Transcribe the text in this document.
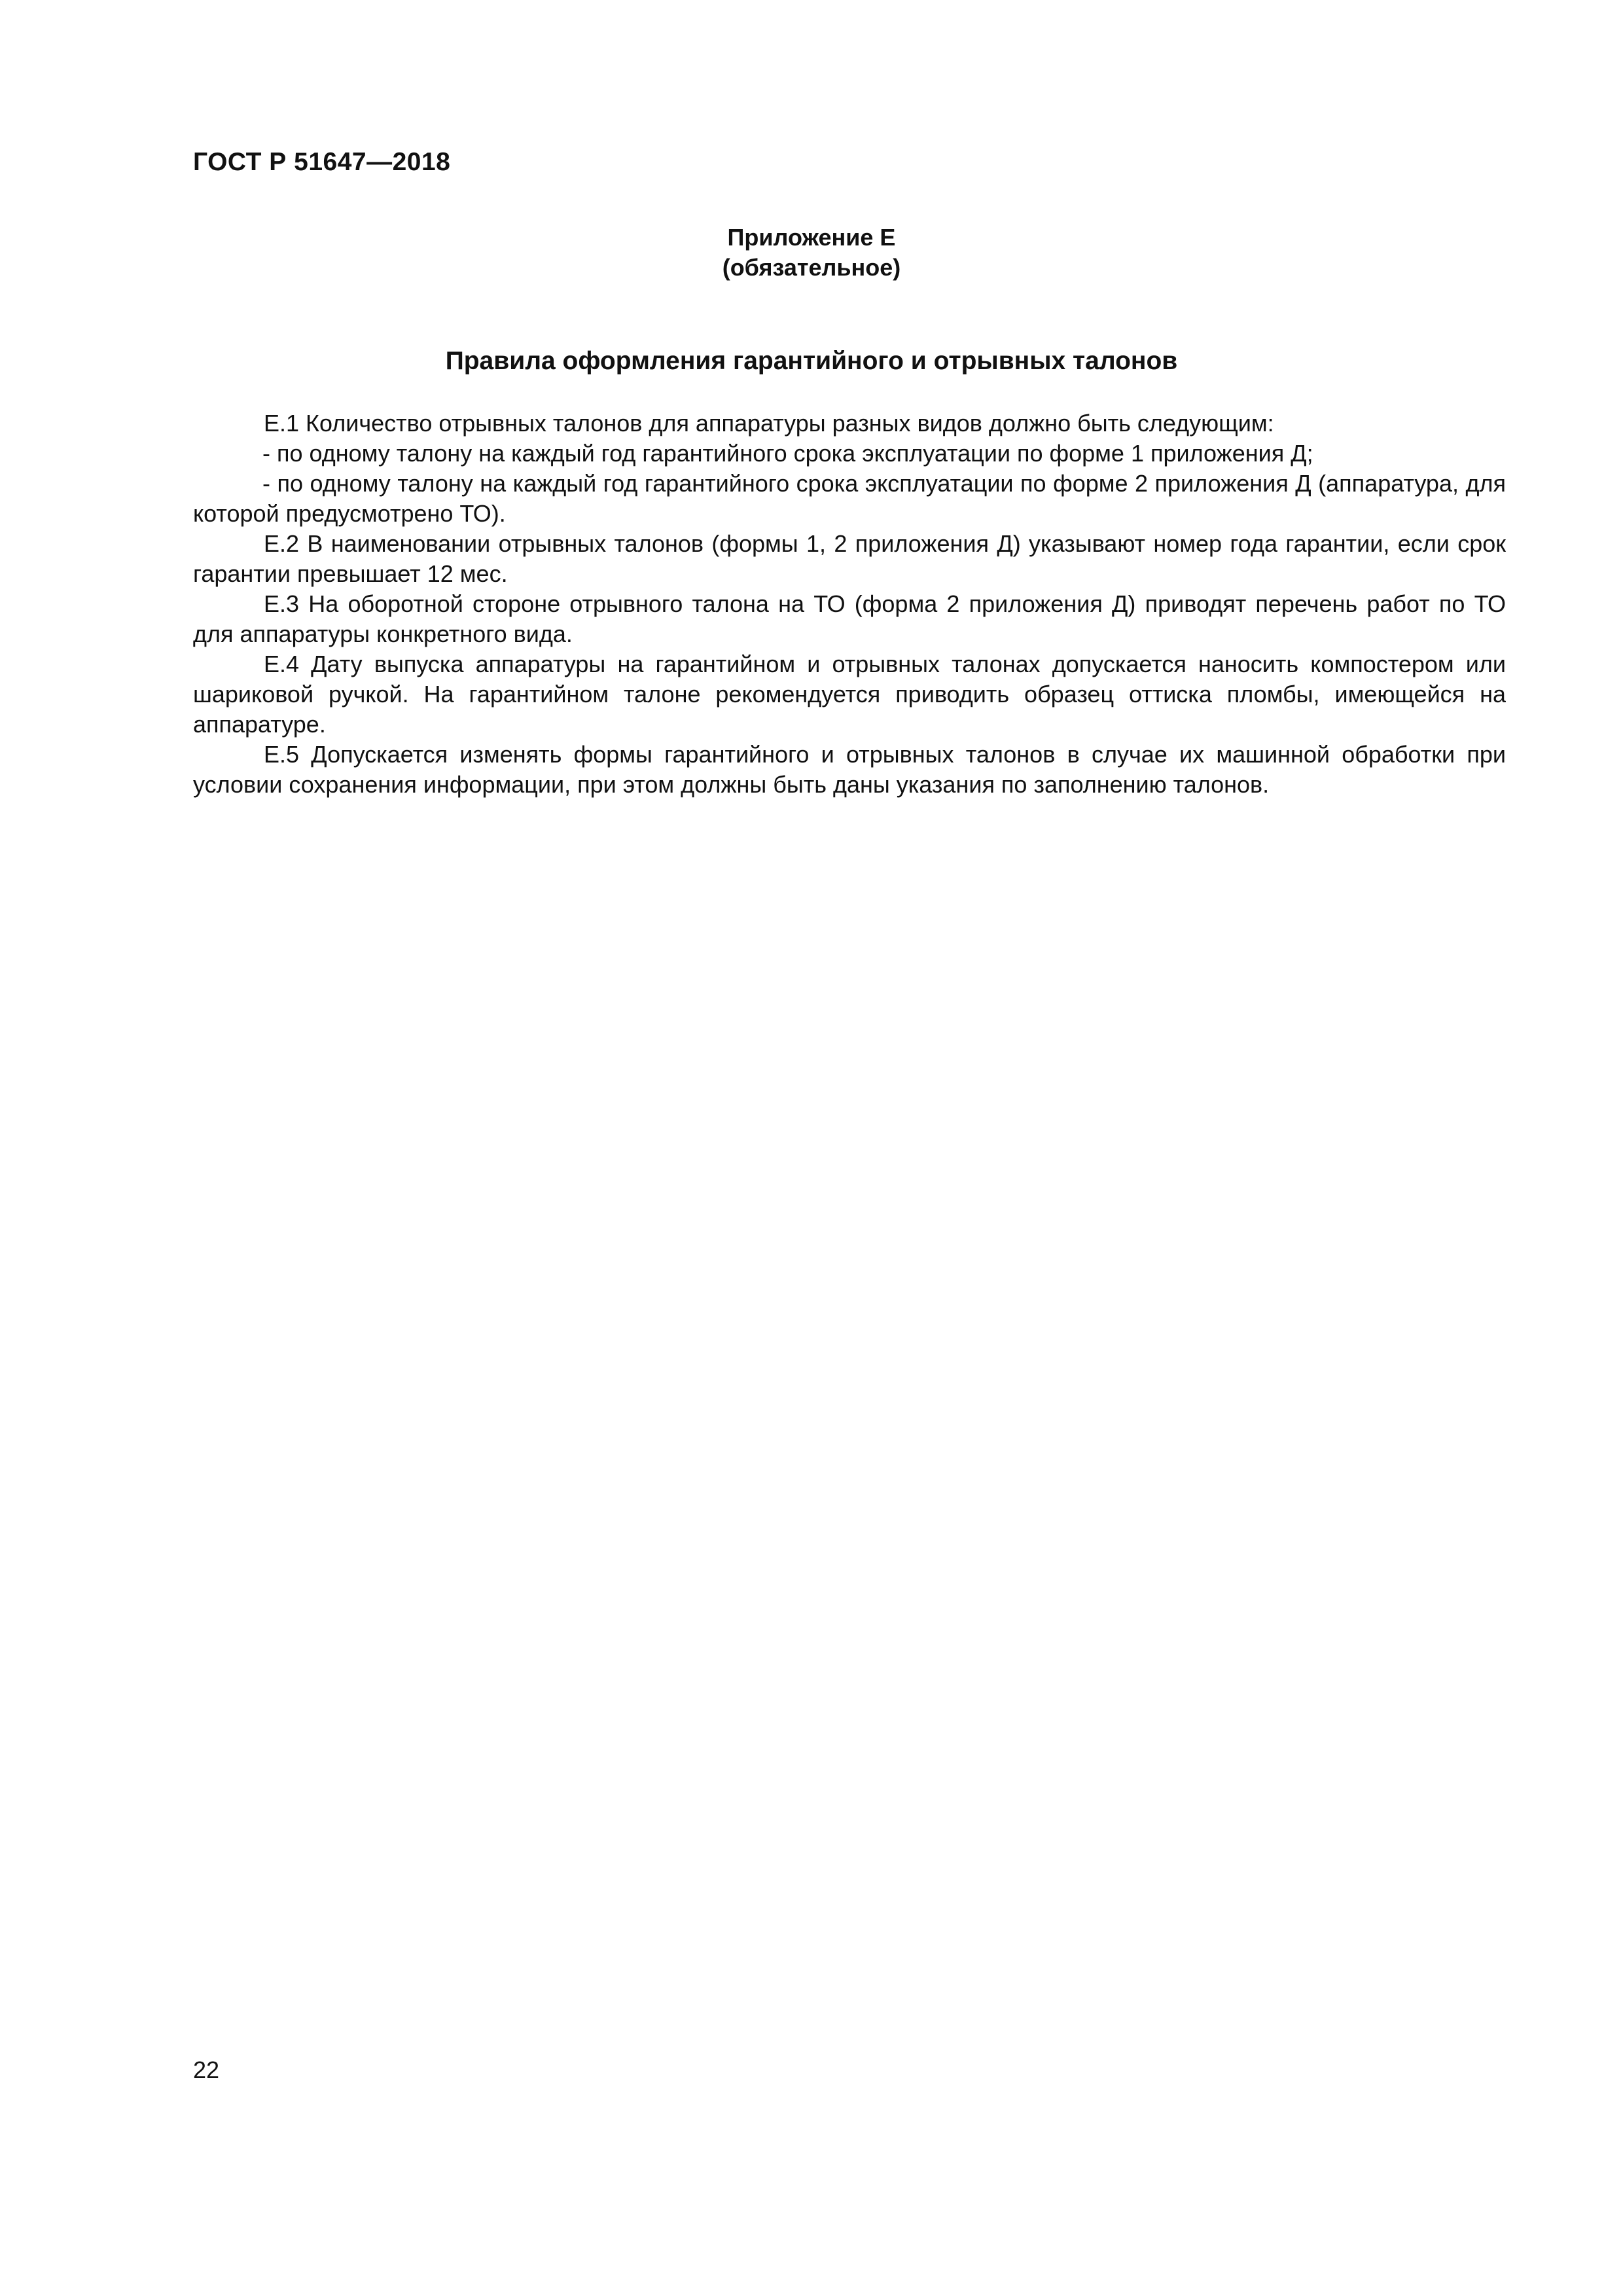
ГОСТ Р 51647—2018
Приложение Е
(обязательное)
Правила оформления гарантийного и отрывных талонов

Е.1 Количество отрывных талонов для аппаратуры разных видов должно быть следующим:

- по одному талону на каждый год гарантийного срока эксплуатации по форме 1 приложения Д;

- по одному талону на каждый год гарантийного срока эксплуатации по форме 2 приложения Д (аппаратура, для которой предусмотрено ТО).

Е.2 В наименовании отрывных талонов (формы 1, 2 приложения Д) указывают номер года гарантии, если срок гарантии превышает 12 мес.

Е.3 На оборотной стороне отрывного талона на ТО (форма 2 приложения Д) приводят перечень работ по ТО для аппаратуры конкретного вида.

Е.4 Дату выпуска аппаратуры на гарантийном и отрывных талонах допускается наносить компостером или шариковой ручкой. На гарантийном талоне рекомендуется приводить образец оттиска пломбы, имеющейся на аппаратуре.

Е.5 Допускается изменять формы гарантийного и отрывных талонов в случае их машинной обработки при условии сохранения информации, при этом должны быть даны указания по заполнению талонов.

22
